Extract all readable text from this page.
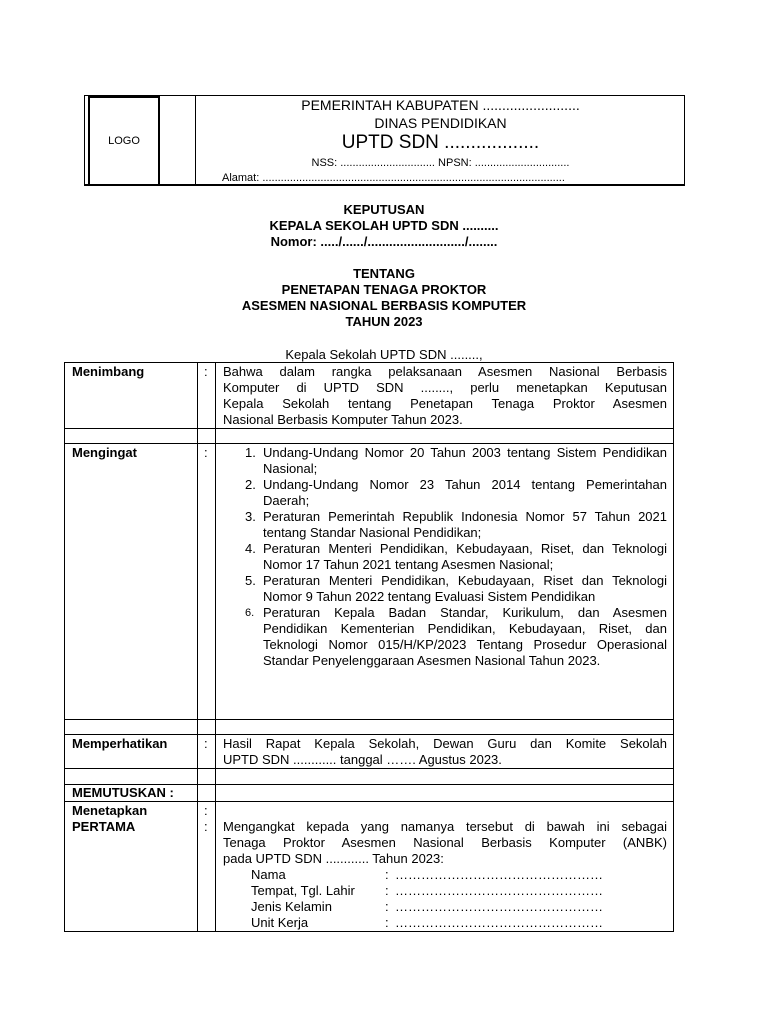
LOGO
PEMERINTAH KABUPATEN .........................
DINAS PENDIDIKAN
UPTD SDN ..................
NSS: ............................... NPSN: ...............................
Alamat: ...................................................................................................
KEPUTUSAN
KEPALA SEKOLAH UPTD SDN ..........
Nomor: ...../....../.........................../........
TENTANG
PENETAPAN TENAGA PROKTOR
ASESMEN NASIONAL BERBASIS KOMPUTER
TAHUN 2023
Kepala Sekolah UPTD SDN ........,
Menimbang	: Bahwa dalam rangka pelaksanaan Asesmen Nasional Berbasis
Komputer di UPTD SDN ........, perlu menetapkan Keputusan
Kepala Sekolah tentang Penetapan Tenaga Proktor Asesmen
Nasional Berbasis Komputer Tahun 2023.
Mengingat	:	1. Undang-Undang Nomor 20 Tahun 2003 tentang Sistem Pendidikan Nasional;
2. Undang-Undang Nomor 23 Tahun 2014 tentang Pemerintahan Daerah;
3. Peraturan Pemerintah Republik Indonesia Nomor 57 Tahun 2021 tentang Standar Nasional Pendidikan;
4. Peraturan Menteri Pendidikan, Kebudayaan, Riset, dan Teknologi Nomor 17 Tahun 2021 tentang Asesmen Nasional;
5. Peraturan Menteri Pendidikan, Kebudayaan, Riset dan Teknologi Nomor 9 Tahun 2022 tentang Evaluasi Sistem Pendidikan
6. Peraturan Kepala Badan Standar, Kurikulum, dan Asesmen Pendidikan Kementerian Pendidikan, Kebudayaan, Riset, dan Teknologi Nomor 015/H/KP/2023 Tentang Prosedur Operasional Standar Penyelenggaraan Asesmen Nasional Tahun 2023.
Memperhatikan	: Hasil Rapat Kepala Sekolah, Dewan Guru dan Komite Sekolah
UPTD SDN ............ tanggal ……. Agustus 2023.
MEMUTUSKAN :
Menetapkan	:
PERTAMA	: Mengangkat kepada yang namanya tersebut di bawah ini sebagai
Tenaga Proktor Asesmen Nasional Berbasis Komputer (ANBK)
pada UPTD SDN ............ Tahun 2023:
Nama	: …………………………………………
Tempat, Tgl. Lahir : …………………………………………
Jenis Kelamin	: …………………………………………
Unit Kerja	: …………………………………………
